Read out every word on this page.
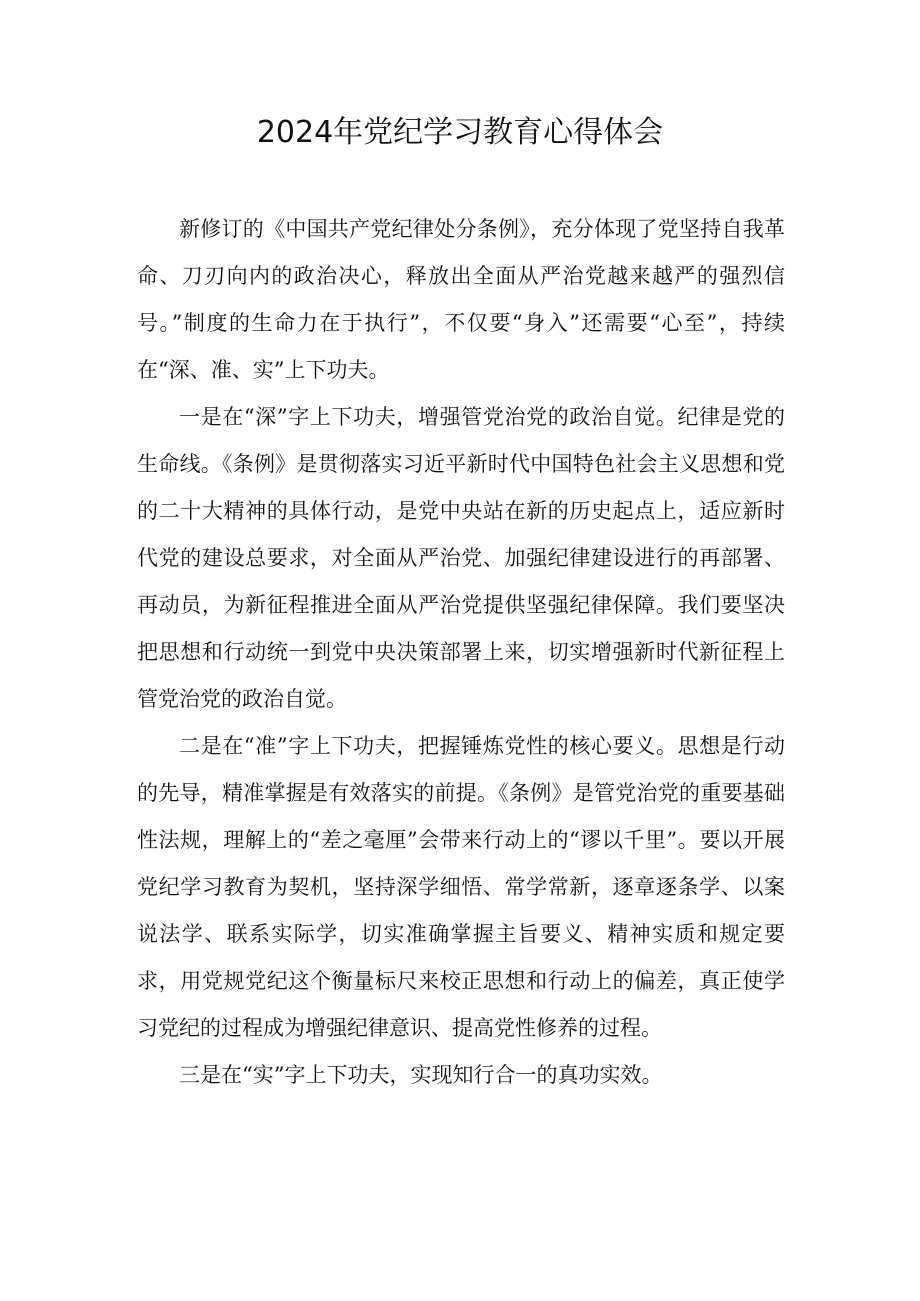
2024年党纪学习教育心得体会

新修订的《中国共产党纪律处分条例》，充分体现了党坚持自我革命、刀刃向内的政治决心，释放出全面从严治党越来越严的强烈信号。”制度的生命力在于执行”，不仅要“身入”还需要“心至”，持续在“深、准、实”上下功夫。

一是在“深”字上下功夫，增强管党治党的政治自觉。纪律是党的生命线。《条例》是贯彻落实习近平新时代中国特色社会主义思想和党的二十大精神的具体行动，是党中央站在新的历史起点上，适应新时代党的建设总要求，对全面从严治党、加强纪律建设进行的再部署、再动员，为新征程推进全面从严治党提供坚强纪律保障。我们要坚决把思想和行动统一到党中央决策部署上来，切实增强新时代新征程上管党治党的政治自觉。

二是在“准”字上下功夫，把握锤炼党性的核心要义。思想是行动的先导，精准掌握是有效落实的前提。《条例》是管党治党的重要基础性法规，理解上的“差之毫厘”会带来行动上的“谬以千里”。要以开展党纪学习教育为契机，坚持深学细悟、常学常新，逐章逐条学、以案说法学、联系实际学，切实准确掌握主旨要义、精神实质和规定要求，用党规党纪这个衡量标尺来校正思想和行动上的偏差，真正使学习党纪的过程成为增强纪律意识、提高党性修养的过程。

三是在“实”字上下功夫，实现知行合一的真功实效。
